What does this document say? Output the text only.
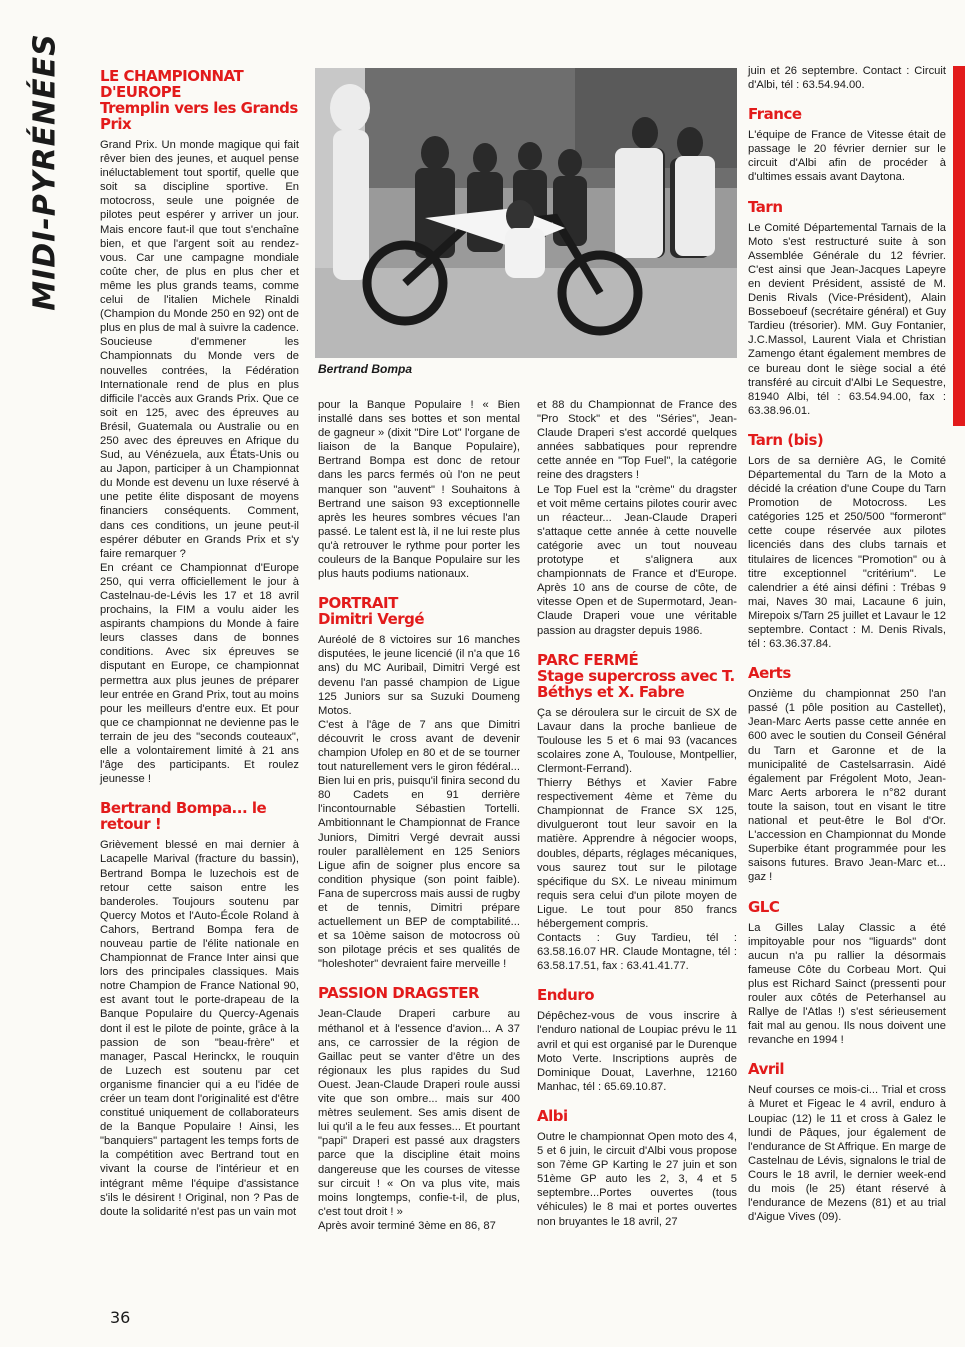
MIDI-PYRÉNÉES
Bertrand Bompa
LE CHAMPIONNAT D'EUROPE
Tremplin vers les Grands Prix

Grand Prix. Un monde magique qui fait rêver bien des jeunes, et auquel pense inéluctablement tout sportif, quelle que soit sa discipline sportive. En motocross, seule une poignée de pilotes peut espérer y arriver un jour. Mais encore faut-il que tout s'enchaîne bien, et que l'argent soit au rendez-vous. Car une campagne mondiale coûte cher, de plus en plus cher et même les plus grands teams, comme celui de l'italien Michele Rinaldi (Champion du Monde 250 en 92) ont de plus en plus de mal à suivre la cadence.

Soucieuse d'emmener les Championnats du Monde vers de nouvelles contrées, la Fédération Internationale rend de plus en plus difficile l'accès aux Grands Prix. Que ce soit en 125, avec des épreuves au Brésil, Guatemala ou Australie ou en 250 avec des épreuves en Afrique du Sud, au Vénézuela, aux États-Unis ou au Japon, participer à un Championnat du Monde est devenu un luxe réservé à une petite élite disposant de moyens financiers conséquents. Comment, dans ces conditions, un jeune peut-il espérer débuter en Grands Prix et s'y faire remarquer ?

En créant ce Championnat d'Europe 250, qui verra officiellement le jour à Castelnau-de-Lévis les 17 et 18 avril prochains, la FIM a voulu aider les aspirants champions du Monde à faire leurs classes dans de bonnes conditions. Avec six épreuves se disputant en Europe, ce championnat permettra aux plus jeunes de préparer leur entrée en Grand Prix, tout au moins pour les meilleurs d'entre eux. Et pour que ce championnat ne devienne pas le terrain de jeu des "seconds couteaux", elle a volontairement limité à 21 ans l'âge des participants. Et roulez jeunesse !

Bertrand Bompa... le retour !

Grièvement blessé en mai dernier à Lacapelle Marival (fracture du bassin), Bertrand Bompa le luzechois est de retour cette saison entre les banderoles. Toujours soutenu par Quercy Motos et l'Auto-École Roland à Cahors, Bertrand Bompa fera de nouveau partie de l'élite nationale en Championnat de France Inter ainsi que lors des principales classiques. Mais notre Champion de France National 90, est avant tout le porte-drapeau de la Banque Populaire du Quercy-Agenais dont il est le pilote de pointe, grâce à la passion de son "beau-frère" et manager, Pascal Herinckx, le rouquin de Luzech est soutenu par cet organisme financier qui a eu l'idée de créer un team dont l'originalité est d'être constitué uniquement de collaborateurs de la Banque Populaire ! Ainsi, les "banquiers" partagent les temps forts de la compétition avec Bertrand tout en vivant la course de l'intérieur et en intégrant même l'équipe d'assistance s'ils le désirent ! Original, non ? Pas de doute la solidarité n'est pas un vain mot

pour la Banque Populaire ! « Bien installé dans ses bottes et son mental de gagneur » (dixit "Dire Lot" l'organe de liaison de la Banque Populaire), Bertrand Bompa est donc de retour dans les parcs fermés où l'on ne peut manquer son "auvent" ! Souhaitons à Bertrand une saison 93 exceptionnelle après les heures sombres vécues l'an passé. Le talent est là, il ne lui reste plus qu'à retrouver le rythme pour porter les couleurs de la Banque Populaire sur les plus hauts podiums nationaux.

PORTRAIT
Dimitri Vergé

Auréolé de 8 victoires sur 16 manches disputées, le jeune licencié (il n'a que 16 ans) du MC Auribail, Dimitri Vergé est devenu l'an passé champion de Ligue 125 Juniors sur sa Suzuki Doumeng Motos.

C'est à l'âge de 7 ans que Dimitri découvrit le cross avant de devenir champion Ufolep en 80 et de se tourner tout naturellement vers le giron fédéral... Bien lui en pris, puisqu'il finira second du 80 Cadets en 91 derrière l'incontournable Sébastien Tortelli. Ambitionnant le Championnat de France Juniors, Dimitri Vergé devrait aussi rouler parallèlement en 125 Seniors Ligue afin de soigner plus encore sa condition physique (son point faible). Fana de supercross mais aussi de rugby et de tennis, Dimitri prépare actuellement un BEP de comptabilité... et sa 10ème saison de motocross où son pilotage précis et ses qualités de "holeshoter" devraient faire merveille !

PASSION DRAGSTER

Jean-Claude Draperi carbure au méthanol et à l'essence d'avion... A 37 ans, ce carrossier de la région de Gaillac peut se vanter d'être un des régionaux les plus rapides du Sud Ouest. Jean-Claude Draperi roule aussi vite que son ombre... mais sur 400 mètres seulement. Ses amis disent de lui qu'il a le feu aux fesses... Et pourtant "papi" Draperi est passé aux dragsters parce que la discipline était moins dangereuse que les courses de vitesse sur circuit ! « On va plus vite, mais moins longtemps, confie-t-il, de plus, c'est tout droit ! »

Après avoir terminé 3ème en 86, 87

et 88 du Championnat de France des "Pro Stock" et des "Séries", Jean-Claude Draperi s'est accordé quelques années sabbatiques pour reprendre cette année en "Top Fuel", la catégorie reine des dragsters !

Le Top Fuel est la "crème" du dragster et voit même certains pilotes courir avec un réacteur... Jean-Claude Draperi s'attaque cette année à cette nouvelle catégorie avec un tout nouveau prototype et s'alignera aux championnats de France et d'Europe. Après 10 ans de course de côte, de vitesse Open et de Supermotard, Jean-Claude Draperi voue une véritable passion au dragster depuis 1986.

PARC FERMÉ
Stage supercross avec T. Béthys et X. Fabre

Ça se déroulera sur le circuit de SX de Lavaur dans la proche banlieue de Toulouse les 5 et 6 mai 93 (vacances scolaires zone A, Toulouse, Montpellier, Clermont-Ferrand).

Thierry Béthys et Xavier Fabre respectivement 4ème et 7ème du Championnat de France SX 125, divulgueront tout leur savoir en la matière. Apprendre à négocier woops, doubles, départs, réglages mécaniques, vous saurez tout sur le pilotage spécifique du SX. Le niveau minimum requis sera celui d'un pilote moyen de Ligue. Le tout pour 850 francs hébergement compris.

Contacts : Guy Tardieu, tél : 63.58.16.07 HR. Claude Montagne, tél : 63.58.17.51, fax : 63.41.41.77.

Enduro

Dépêchez-vous de vous inscrire à l'enduro national de Loupiac prévu le 11 avril et qui est organisé par le Durenque Moto Verte. Inscriptions auprès de Dominique Douat, Laverhne, 12160 Manhac, tél : 65.69.10.87.

Albi

Outre le championnat Open moto des 4, 5 et 6 juin, le circuit d'Albi vous propose son 7ème GP Karting le 27 juin et son 51ème GP auto les 2, 3, 4 et 5 septembre...Portes ouvertes (tous véhicules) le 8 mai et portes ouvertes non bruyantes le 18 avril, 27

juin et 26 septembre. Contact : Circuit d'Albi, tél : 63.54.94.00.

France

L'équipe de France de Vitesse était de passage le 20 février dernier sur le circuit d'Albi afin de procéder à d'ultimes essais avant Daytona.

Tarn

Le Comité Départemental Tarnais de la Moto s'est restructuré suite à son Assemblée Générale du 12 février. C'est ainsi que Jean-Jacques Lapeyre en devient Président, assisté de M. Denis Rivals (Vice-Président), Alain Bosseboeuf (secrétaire général) et Guy Tardieu (trésorier). MM. Guy Fontanier, J.C.Massol, Laurent Viala et Christian Zamengo étant également membres de ce bureau dont le siège social a été transféré au circuit d'Albi Le Sequestre, 81940 Albi, tél : 63.54.94.00, fax : 63.38.96.01.

Tarn (bis)

Lors de sa dernière AG, le Comité Départemental du Tarn de la Moto a décidé la création d'une Coupe du Tarn Promotion de Motocross. Les catégories 125 et 250/500 "formeront" cette coupe réservée aux pilotes licenciés dans des clubs tarnais et titulaires de licences "Promotion" ou à titre exceptionnel "critérium". Le calendrier a été ainsi défini : Trébas 9 mai, Naves 30 mai, Lacaune 6 juin, Mirepoix s/Tarn 25 juillet et Lavaur le 12 septembre. Contact : M. Denis Rivals, tél : 63.36.37.84.

Aerts

Onzième du championnat 250 l'an passé (1 pôle position au Castellet), Jean-Marc Aerts passe cette année en 600 avec le soutien du Conseil Général du Tarn et Garonne et de la municipalité de Castelsarrasin. Aidé également par Frégolent Moto, Jean-Marc Aerts arborera le n°82 durant toute la saison, tout en visant le titre national et peut-être le Bol d'Or. L'accession en Championnat du Monde Superbike étant programmée pour les saisons futures. Bravo Jean-Marc et... gaz !

GLC

La Gilles Lalay Classic a été impitoyable pour nos "liguards" dont aucun n'a pu rallier la désormais fameuse Côte du Corbeau Mort. Qui plus est Richard Sainct (pressenti pour rouler aux côtés de Peterhansel au Rallye de l'Atlas !) s'est sérieusement fait mal au genou. Ils nous doivent une revanche en 1994 !

Avril

Neuf courses ce mois-ci... Trial et cross à Muret et Figeac le 4 avril, enduro à Loupiac (12) le 11 et cross à Galez le lundi de Pâques, jour également de l'endurance de St Affrique. En marge de Castelnau de Lévis, signalons le trial de Cours le 18 avril, le dernier week-end du mois (le 25) étant réservé à l'endurance de Mezens (81) et au trial d'Aigue Vives (09).

36
